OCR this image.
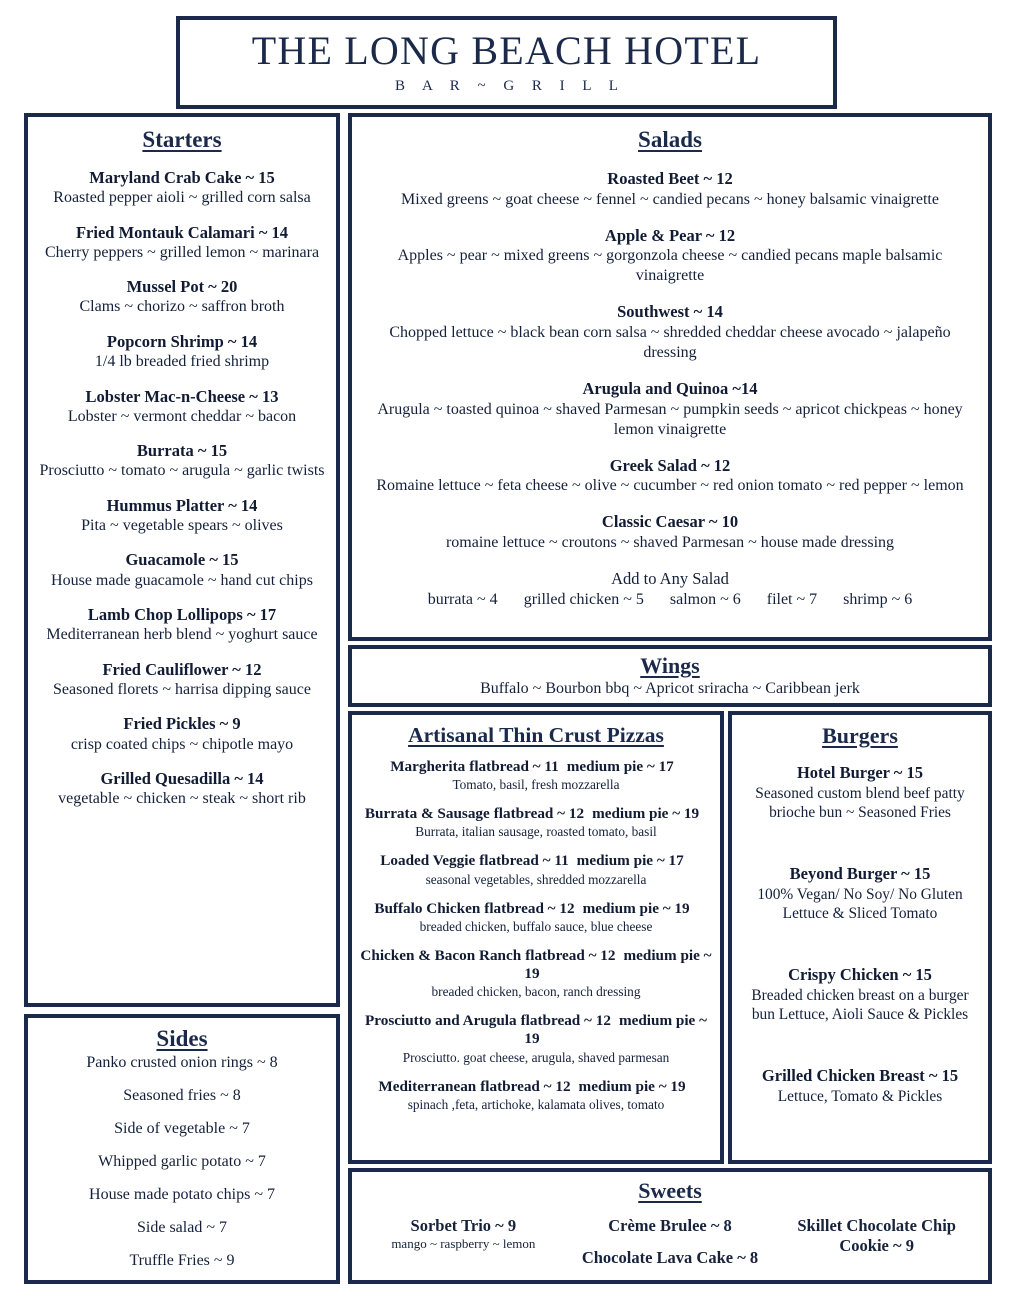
THE LONG BEACH HOTEL
B A R ~ G R I L L
Starters
Maryland Crab Cake ~ 15
Roasted pepper aioli ~ grilled corn salsa
Fried Montauk Calamari ~ 14
Cherry peppers ~ grilled lemon ~ marinara
Mussel Pot ~ 20
Clams ~ chorizo ~ saffron broth
Popcorn Shrimp ~ 14
1/4 lb breaded fried shrimp
Lobster Mac-n-Cheese ~ 13
Lobster ~ vermont cheddar ~ bacon
Burrata ~ 15
Prosciutto ~ tomato ~ arugula ~ garlic twists
Hummus Platter ~ 14
Pita ~ vegetable spears ~ olives
Guacamole ~ 15
House made guacamole ~ hand cut chips
Lamb Chop Lollipops ~ 17
Mediterranean herb blend ~ yoghurt sauce
Fried Cauliflower ~ 12
Seasoned florets ~ harrisa dipping sauce
Fried Pickles ~ 9
crisp coated chips ~ chipotle mayo
Grilled Quesadilla ~ 14
vegetable ~ chicken ~ steak ~ short rib
Sides
Panko crusted onion rings ~ 8
Seasoned fries ~ 8
Side of vegetable ~ 7
Whipped garlic potato ~ 7
House made potato chips ~ 7
Side salad ~ 7
Truffle Fries ~ 9
Salads
Roasted Beet ~ 12
Mixed greens ~ goat cheese ~ fennel ~ candied pecans ~ honey balsamic vinaigrette
Apple & Pear ~ 12
Apples ~ pear ~ mixed greens ~ gorgonzola cheese ~ candied pecans maple balsamic vinaigrette
Southwest ~ 14
Chopped lettuce ~ black bean corn salsa ~ shredded cheddar cheese avocado ~ jalapeño dressing
Arugula and Quinoa ~14
Arugula ~ toasted quinoa ~ shaved Parmesan ~ pumpkin seeds ~ apricot chickpeas ~ honey lemon vinaigrette
Greek Salad ~ 12
Romaine lettuce ~ feta cheese ~ olive ~ cucumber ~ red onion tomato ~ red pepper ~ lemon
Classic Caesar ~ 10
romaine lettuce ~ croutons ~ shaved Parmesan ~ house made dressing
Add to Any Salad
burrata ~ 4 grilled chicken ~ 5 salmon ~ 6 filet ~ 7 shrimp ~ 6
Wings
Buffalo ~ Bourbon bbq ~ Apricot sriracha ~ Caribbean jerk
Artisanal Thin Crust Pizzas
Margherita flatbread ~ 11 medium pie ~ 17
Tomato, basil, fresh mozzarella
Burrata & Sausage flatbread ~ 12 medium pie ~ 19
Burrata, italian sausage, roasted tomato, basil
Loaded Veggie flatbread ~ 11 medium pie ~ 17
seasonal vegetables, shredded mozzarella
Buffalo Chicken flatbread ~ 12 medium pie ~ 19
breaded chicken, buffalo sauce, blue cheese
Chicken & Bacon Ranch flatbread ~ 12 medium pie ~ 19
breaded chicken, bacon, ranch dressing
Prosciutto and Arugula flatbread ~ 12 medium pie ~ 19
Prosciutto. goat cheese, arugula, shaved parmesan
Mediterranean flatbread ~ 12 medium pie ~ 19
spinach ,feta, artichoke, kalamata olives, tomato
Burgers
Hotel Burger ~ 15
Seasoned custom blend beef patty brioche bun ~ Seasoned Fries
Beyond Burger ~ 15
100% Vegan/ No Soy/ No Gluten Lettuce & Sliced Tomato
Crispy Chicken ~ 15
Breaded chicken breast on a burger bun Lettuce, Aioli Sauce & Pickles
Grilled Chicken Breast ~ 15
Lettuce, Tomato & Pickles
Sweets
Sorbet Trio ~ 9
mango ~ raspberry ~ lemon
Crème Brulee ~ 8
Chocolate Lava Cake ~ 8
Skillet Chocolate Chip Cookie ~ 9
